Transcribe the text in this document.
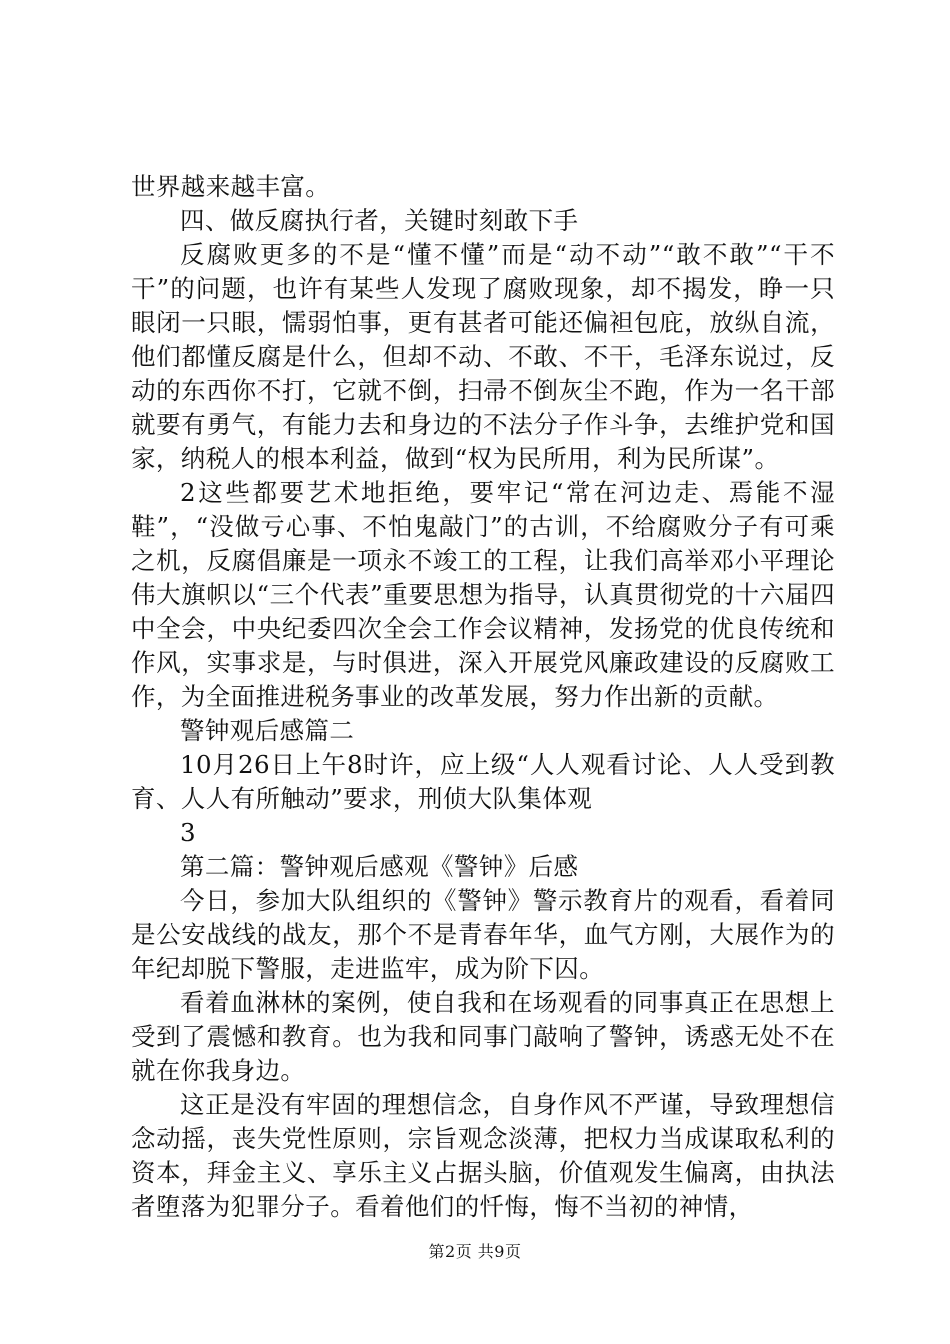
世界越来越丰富。

四、做反腐执行者，关键时刻敢下手

反腐败更多的不是“懂不懂”而是“动不动”“敢不敢”“干不干”的问题，也许有某些人发现了腐败现象，却不揭发，睁一只眼闭一只眼，懦弱怕事，更有甚者可能还偏袒包庇，放纵自流，他们都懂反腐是什么，但却不动、不敢、不干，毛泽东说过，反动的东西你不打，它就不倒，扫帚不倒灰尘不跑，作为一名干部就要有勇气，有能力去和身边的不法分子作斗争，去维护党和国家，纳税人的根本利益，做到“权为民所用，利为民所谋”。

2这些都要艺术地拒绝，要牢记“常在河边走、焉能不湿鞋”，“没做亏心事、不怕鬼敲门”的古训，不给腐败分子有可乘之机，反腐倡廉是一项永不竣工的工程，让我们高举邓小平理论伟大旗帜以“三个代表”重要思想为指导，认真贯彻党的十六届四中全会，中央纪委四次全会工作会议精神，发扬党的优良传统和作风，实事求是，与时俱进，深入开展党风廉政建设的反腐败工作，为全面推进税务事业的改革发展，努力作出新的贡献。

警钟观后感篇二

10月26日上午8时许，应上级“人人观看讨论、人人受到教育、人人有所触动”要求，刑侦大队集体观

3

第二篇：警钟观后感观《警钟》后感

今日，参加大队组织的《警钟》警示教育片的观看，看着同是公安战线的战友，那个不是青春年华，血气方刚，大展作为的年纪却脱下警服，走进监牢，成为阶下囚。

看着血淋林的案例，使自我和在场观看的同事真正在思想上受到了震憾和教育。也为我和同事门敲响了警钟，诱惑无处不在就在你我身边。

这正是没有牢固的理想信念，自身作风不严谨，导致理想信念动摇，丧失党性原则，宗旨观念淡薄，把权力当成谋取私利的资本，拜金主义、享乐主义占据头脑，价值观发生偏离，由执法者堕落为犯罪分子。看着他们的忏悔，悔不当初的神情，

第2页 共9页
